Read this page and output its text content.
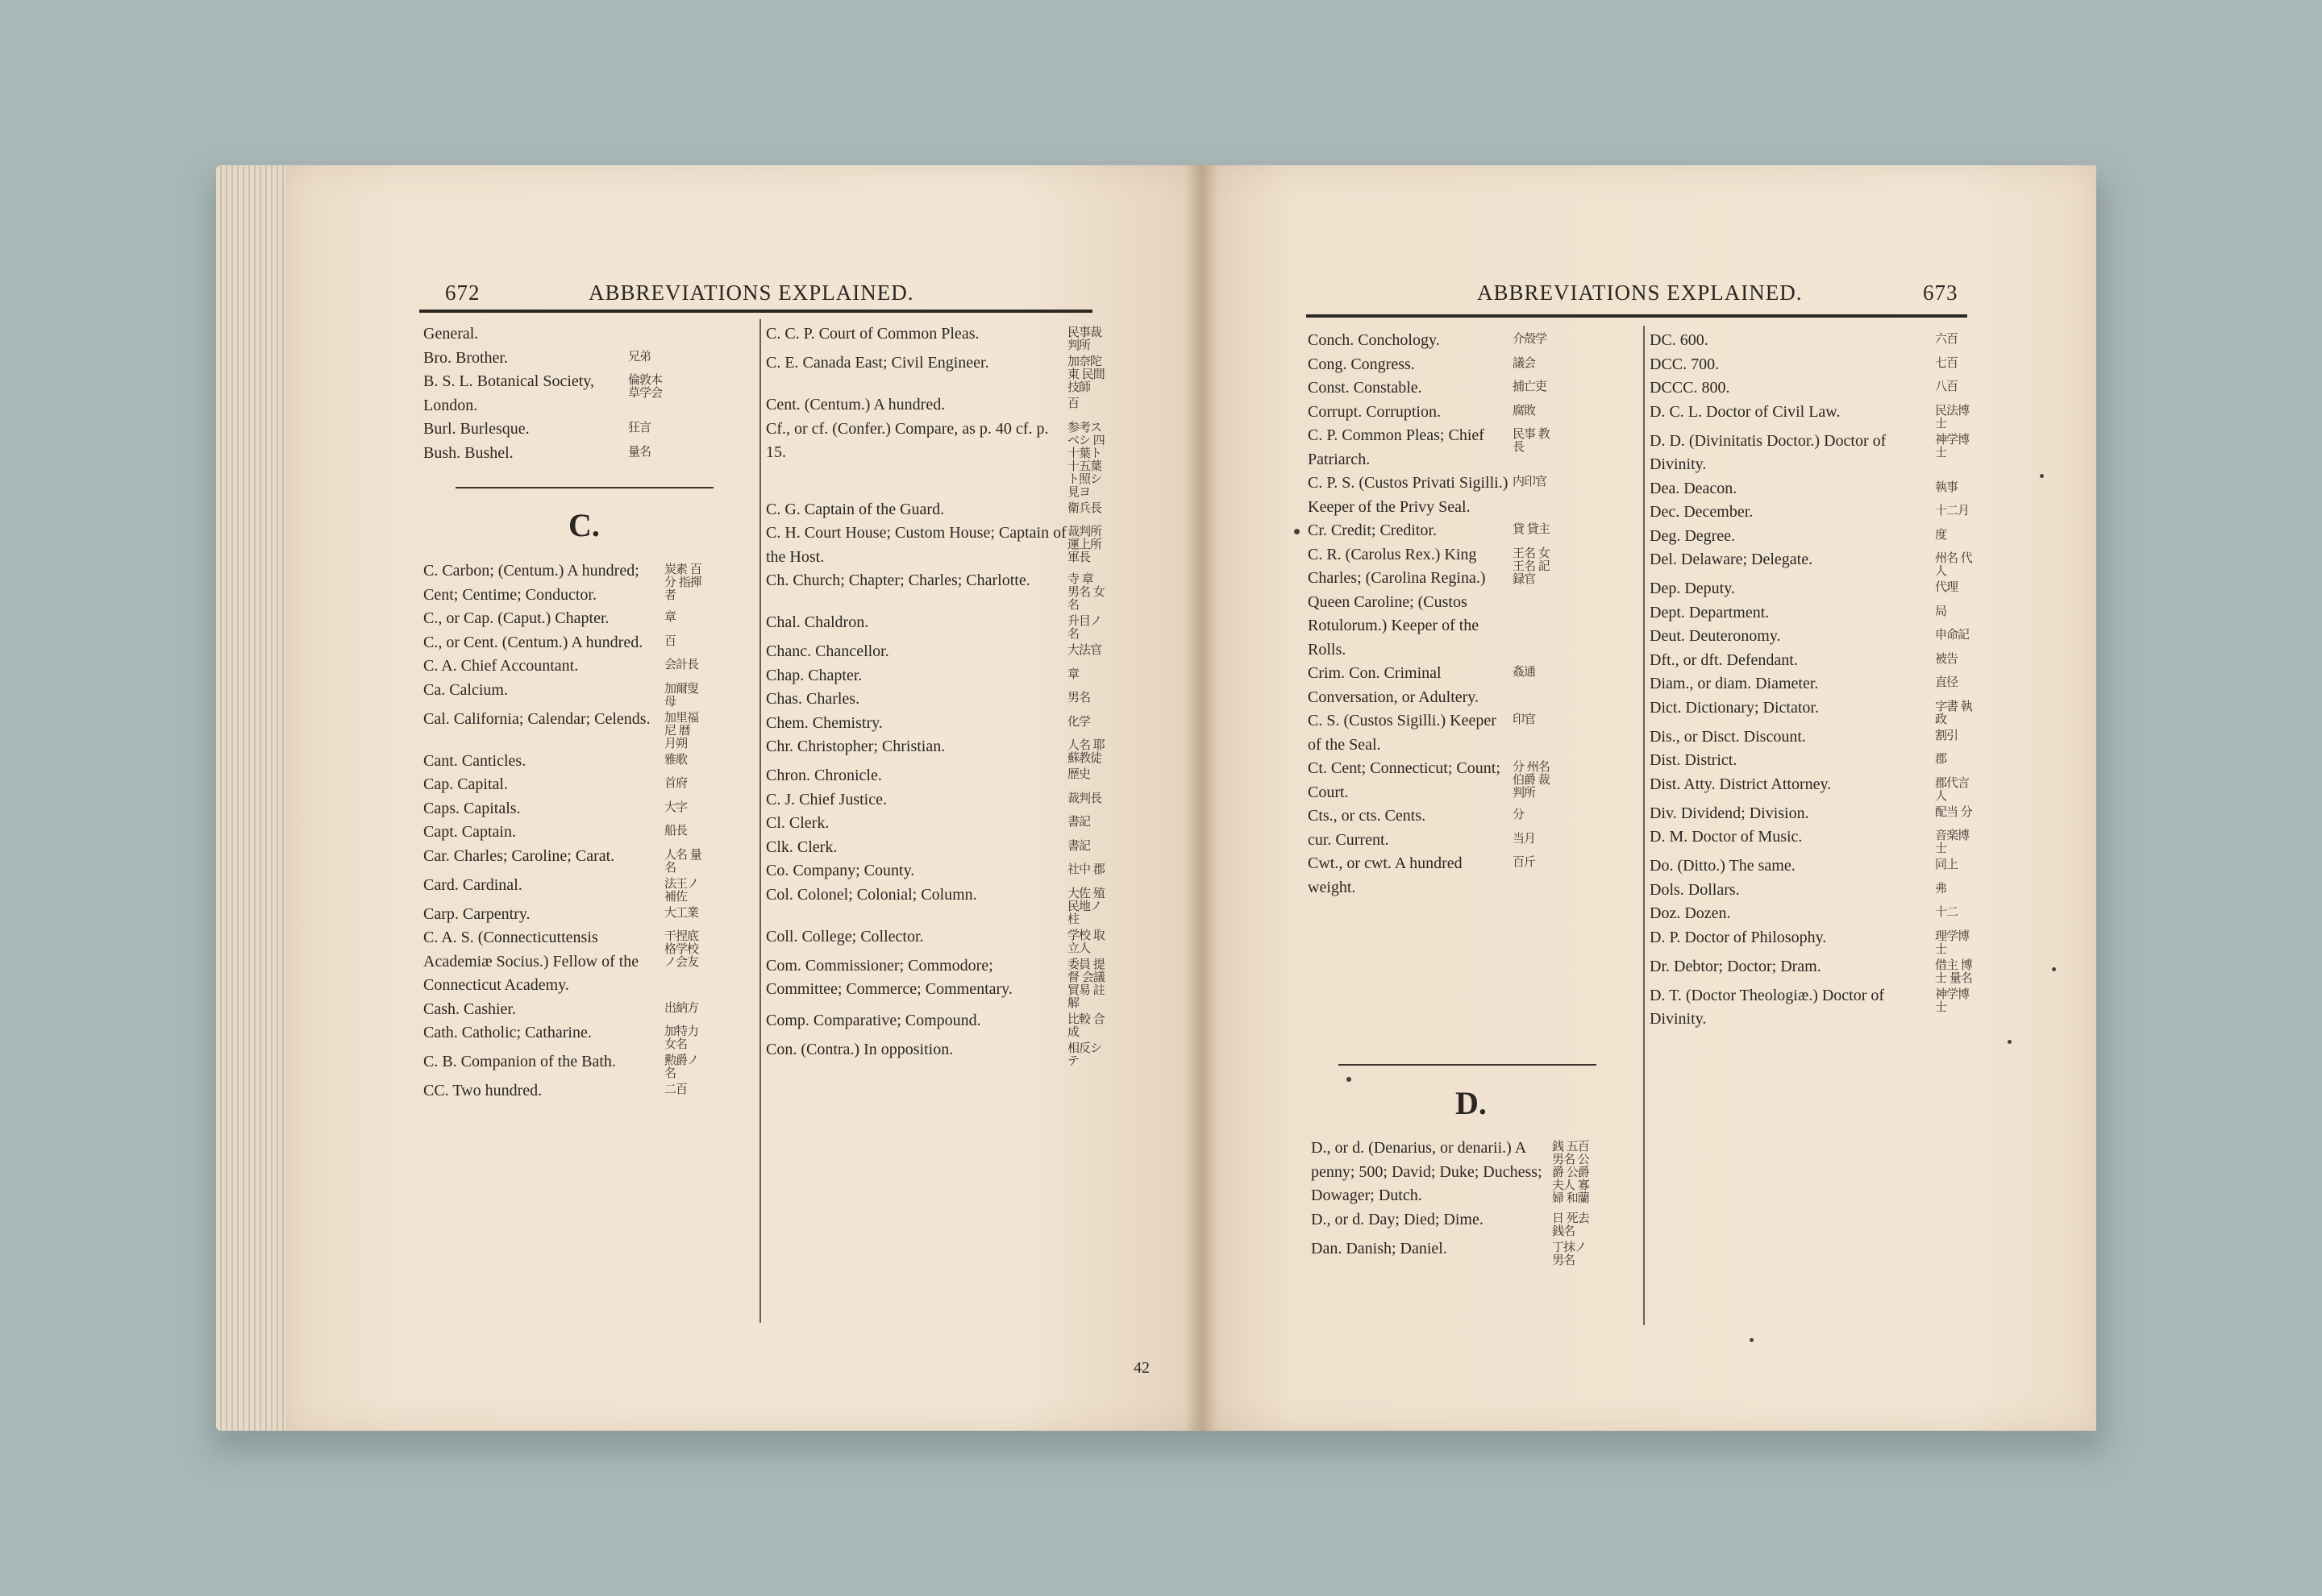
672	ABBREVIATIONS EXPLAINED.
General.
Bro. Brother.	兄弟
B. S. L. Botanical Society, London.
倫敦本草学会
Burl. Burlesque.	狂言
Bush. Bushel.	量名
C.
C. Carbon; (Centum.) A hundred; Cent; Centime; Conductor.
炭素 百 分 指揮者
C., or Cap. (Caput.) Chapter.	章
C., or Cent. (Centum.) A hundred.	百
C. A. Chief Accountant.	会計長
Ca. Calcium.	加爾叟母
Cal. California; Calendar; Celends.	加里福尼 暦 月朔
Cant. Canticles.	雅歌
Cap. Capital.	首府
Caps. Capitals.	大字
Capt. Captain.	船長
Car. Charles; Caroline; Carat.	人名 量名
Card. Cardinal.	法王ノ補佐
Carp. Carpentry.	大工業
C. A. S. (Connecticuttensis Academiæ Socius.) Fellow of the Connecticut Academy.
干捏底格学校ノ会友
Cash. Cashier.	出納方
Cath. Catholic; Catharine.	加特力 女名
C. B. Companion of the Bath.	勲爵ノ名
CC. Two hundred.	二百
C. C. P. Court of Common Pleas.	民事裁判所
C. E. Canada East; Civil Engineer.	加奈陀東 民間技師
Cent. (Centum.) A hundred.	百
Cf., or cf. (Confer.) Compare, as p. 40 cf. p. 15.
参考スベシ 四十葉ト十五葉ト照シ見ヨ
C. G. Captain of the Guard.	衛兵長
C. H. Court House; Custom House; Captain of the Host.
裁判所 運上所 軍長
Ch. Church; Chapter; Charles; Charlotte.	寺 章 男名 女名
Chal. Chaldron.	升目ノ名
Chanc. Chancellor.	大法官
Chap. Chapter.	章
Chas. Charles.	男名
Chem. Chemistry.	化学
Chr. Christopher; Christian.	人名 耶蘇教徒
Chron. Chronicle.	歴史
C. J. Chief Justice.	裁判長
Cl. Clerk.	書記
Clk. Clerk.	書記
Co. Company; County.	社中 郡
Col. Colonel; Colonial; Column.	大佐 殖民地ノ 柱
Coll. College; Collector.	学校 取立人
Com. Commissioner; Commodore; Committee; Commerce; Commentary.
委員 提督 会議 貿易 註解
Comp. Comparative; Compound.	比較 合成
Con. (Contra.) In opposition.	相反シテ
42
ABBREVIATIONS EXPLAINED.	673
Conch. Conchology.	介殻学
Cong. Congress.	議会
Const. Constable.	捕亡吏
Corrupt. Corruption.	腐敗
C. P. Common Pleas; Chief Patriarch.
民事 教長
C. P. S. (Custos Privati Sigilli.) Keeper of the Privy Seal.
内印官
Cr. Credit; Creditor.	貸 貸主
C. R. (Carolus Rex.) King Charles; (Carolina Regina.) Queen Caroline; (Custos Rotulorum.) Keeper of the Rolls.
王名 女王名 記録官
Crim. Con. Criminal Conversation, or Adultery.
姦通
C. S. (Custos Sigilli.) Keeper of the Seal.
印官
Ct. Cent; Connecticut; Count; Court.
分 州名 伯爵 裁判所
Cts., or cts. Cents.	分
cur. Current.	当月
Cwt., or cwt. A hundred weight.
百斤
D.
D., or d. (Denarius, or denarii.) A penny; 500; David; Duke; Duchess; Dowager; Dutch.
銭 五百 男名 公爵 公爵夫人 寡婦 和蘭
D., or d. Day; Died; Dime.	日 死去 銭名
Dan. Danish; Daniel.	丁抹ノ 男名
DC. 600.	六百
DCC. 700.	七百
DCCC. 800.	八百
D. C. L. Doctor of Civil Law.	民法博士
D. D. (Divinitatis Doctor.) Doctor of Divinity.
神学博士
Dea. Deacon.	執事
Dec. December.	十二月
Deg. Degree.	度
Del. Delaware; Delegate.	州名 代人
Dep. Deputy.	代理
Dept. Department.	局
Deut. Deuteronomy.	申命記
Dft., or dft. Defendant.	被告
Diam., or diam. Diameter.	直径
Dict. Dictionary; Dictator.	字書 執政
Dis., or Disct. Discount.	割引
Dist. District.	郡
Dist. Atty. District Attorney.	郡代言人
Div. Dividend; Division.	配当 分
D. M. Doctor of Music.	音楽博士
Do. (Ditto.) The same.	同上
Dols. Dollars.	弗
Doz. Dozen.	十二
D. P. Doctor of Philosophy.	理学博士
Dr. Debtor; Doctor; Dram.	借主 博士 量名
D. T. (Doctor Theologiæ.) Doctor of Divinity.
神学博士
